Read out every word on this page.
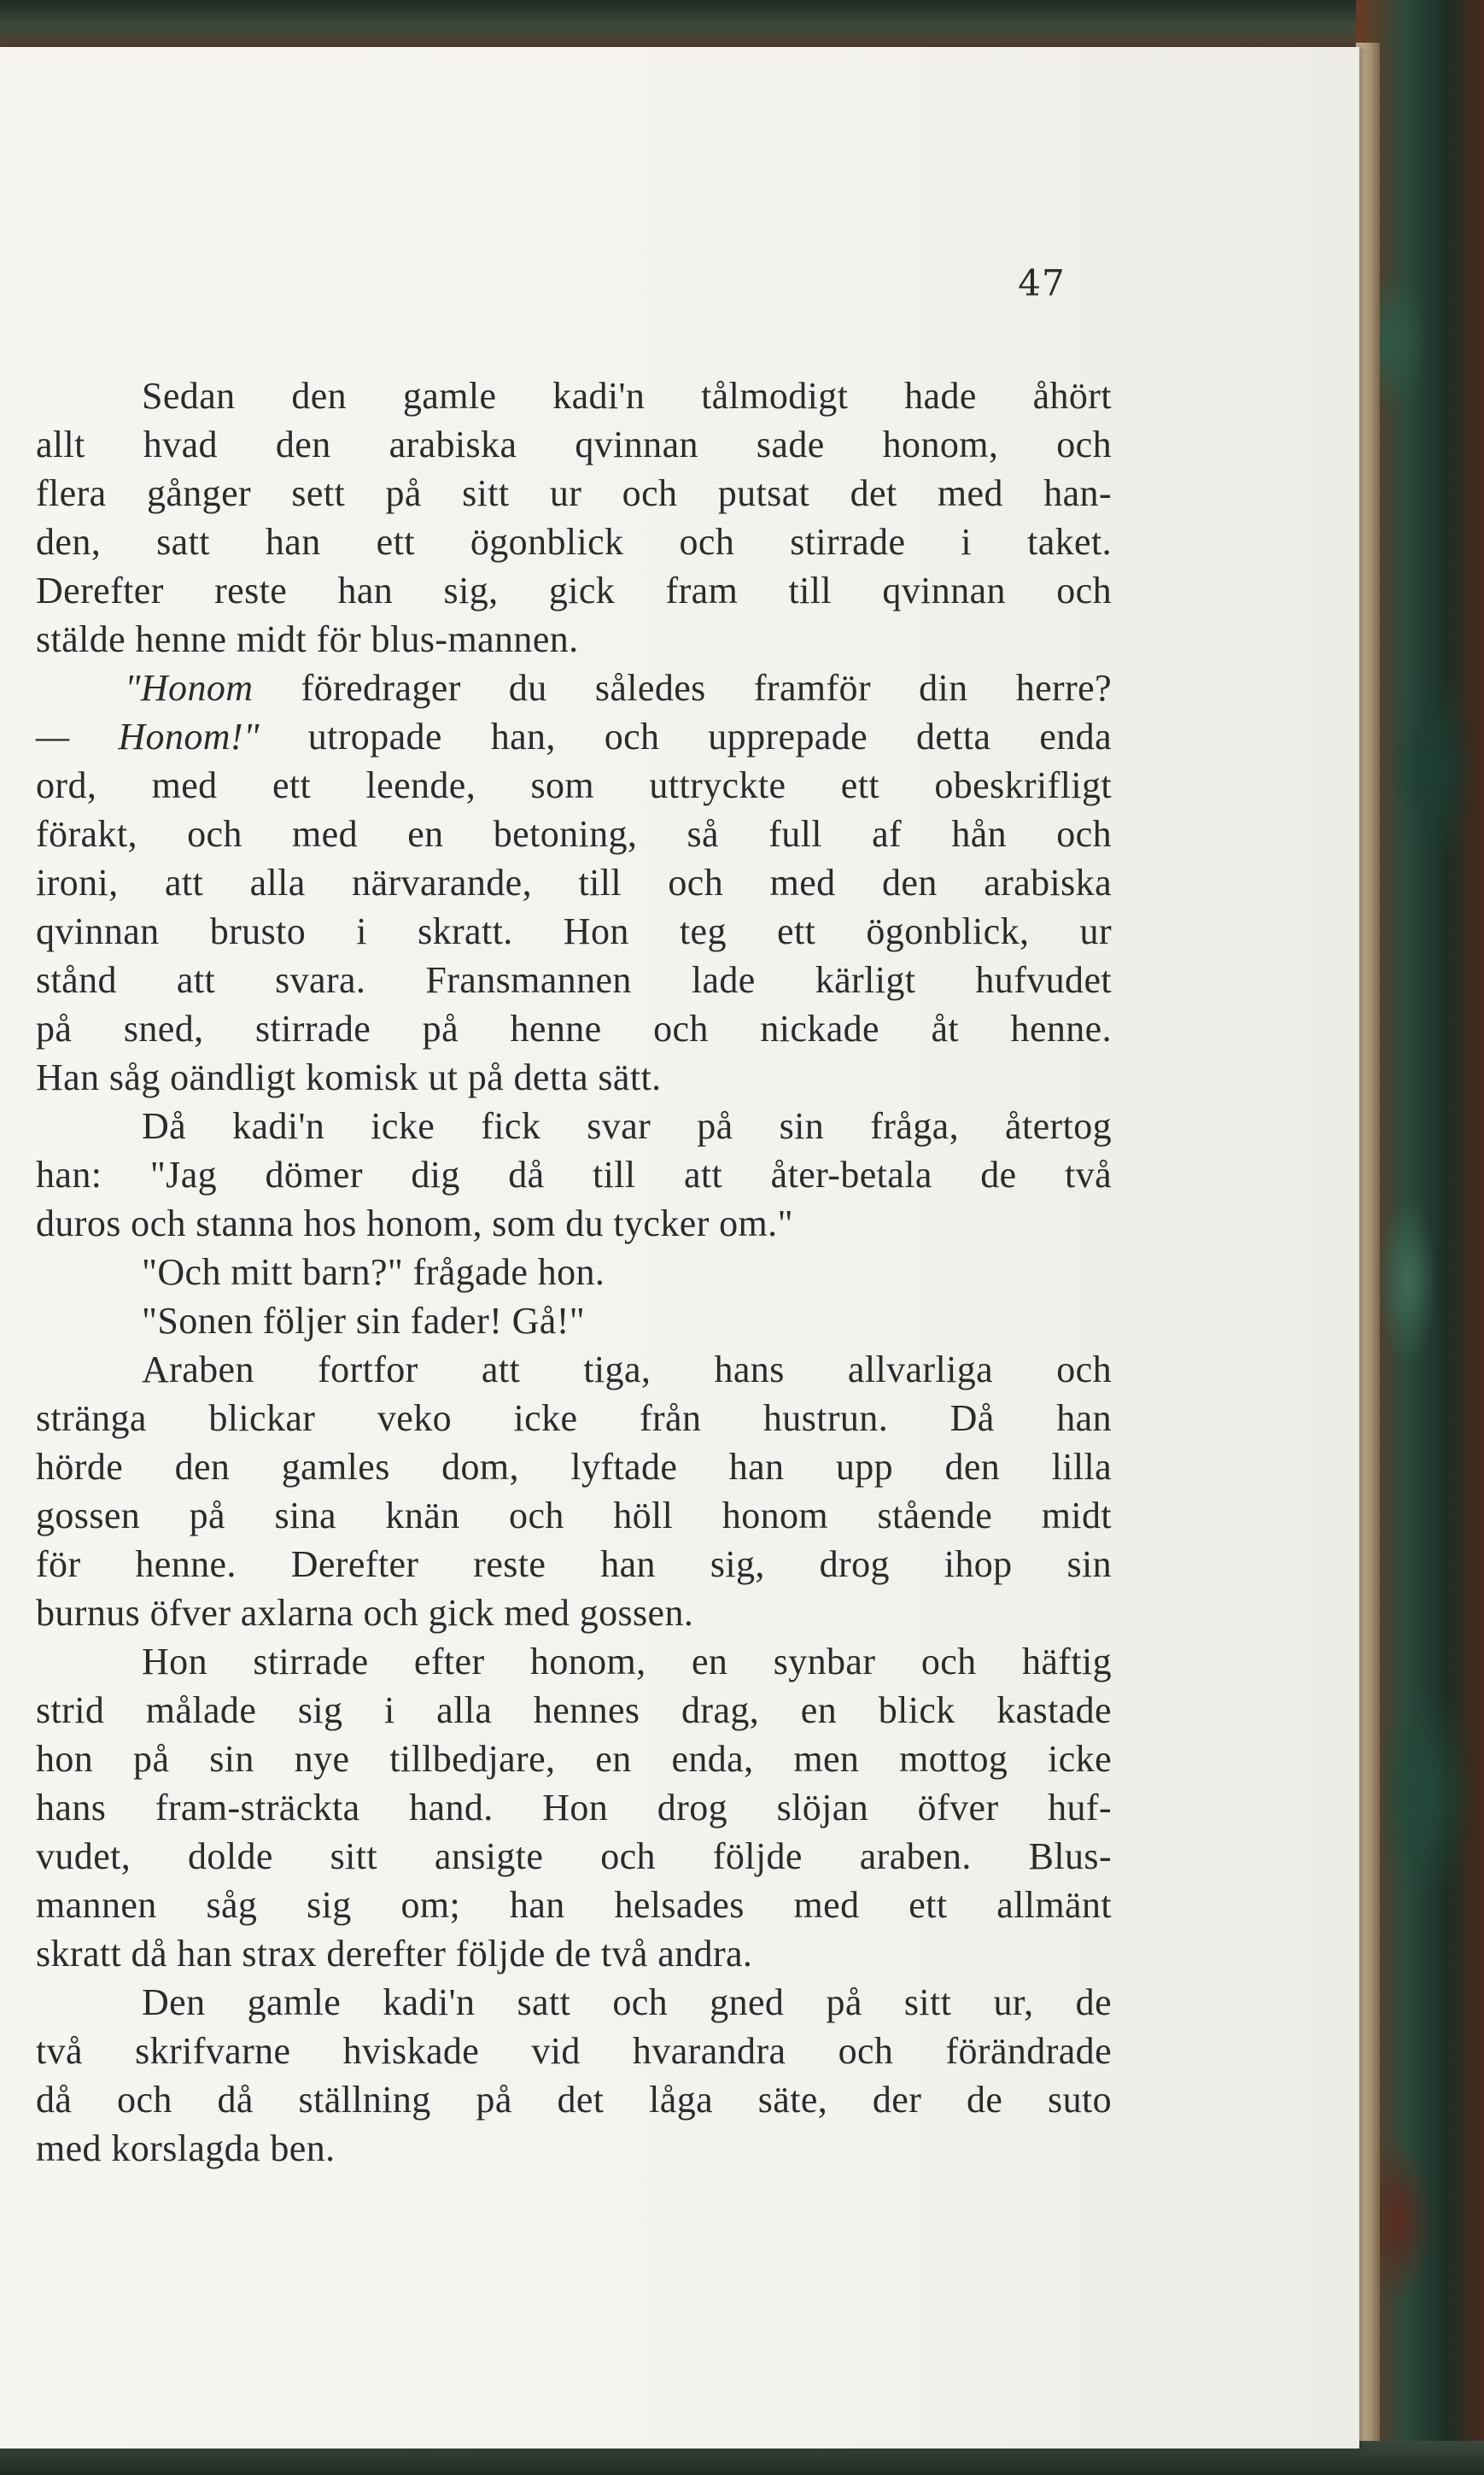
47
Sedan den gamle kadi'n tålmodigt hade åhört
allt hvad den arabiska qvinnan sade honom, och
flera gånger sett på sitt ur och putsat det med han-
den, satt han ett ögonblick och stirrade i taket.
Derefter reste han sig, gick fram till qvinnan och
stälde henne midt för blus-mannen.
"Honom föredrager du således framför din herre?
— Honom!" utropade han, och upprepade detta enda
ord, med ett leende, som uttryckte ett obeskrifligt
förakt, och med en betoning, så full af hån och
ironi, att alla närvarande, till och med den arabiska
qvinnan brusto i skratt. Hon teg ett ögonblick, ur
stånd att svara. Fransmannen lade kärligt hufvudet
på sned, stirrade på henne och nickade åt henne.
Han såg oändligt komisk ut på detta sätt.
Då kadi'n icke fick svar på sin fråga, återtog
han: "Jag dömer dig då till att åter-betala de två
duros och stanna hos honom, som du tycker om."
"Och mitt barn?" frågade hon.
"Sonen följer sin fader! Gå!"
Araben fortfor att tiga, hans allvarliga och
stränga blickar veko icke från hustrun. Då han
hörde den gamles dom, lyftade han upp den lilla
gossen på sina knän och höll honom stående midt
för henne. Derefter reste han sig, drog ihop sin
burnus öfver axlarna och gick med gossen.
Hon stirrade efter honom, en synbar och häftig
strid målade sig i alla hennes drag, en blick kastade
hon på sin nye tillbedjare, en enda, men mottog icke
hans fram-sträckta hand. Hon drog slöjan öfver huf-
vudet, dolde sitt ansigte och följde araben. Blus-
mannen såg sig om; han helsades med ett allmänt
skratt då han strax derefter följde de två andra.
Den gamle kadi'n satt och gned på sitt ur, de
två skrifvarne hviskade vid hvarandra och förändrade
då och då ställning på det låga säte, der de suto
med korslagda ben.
